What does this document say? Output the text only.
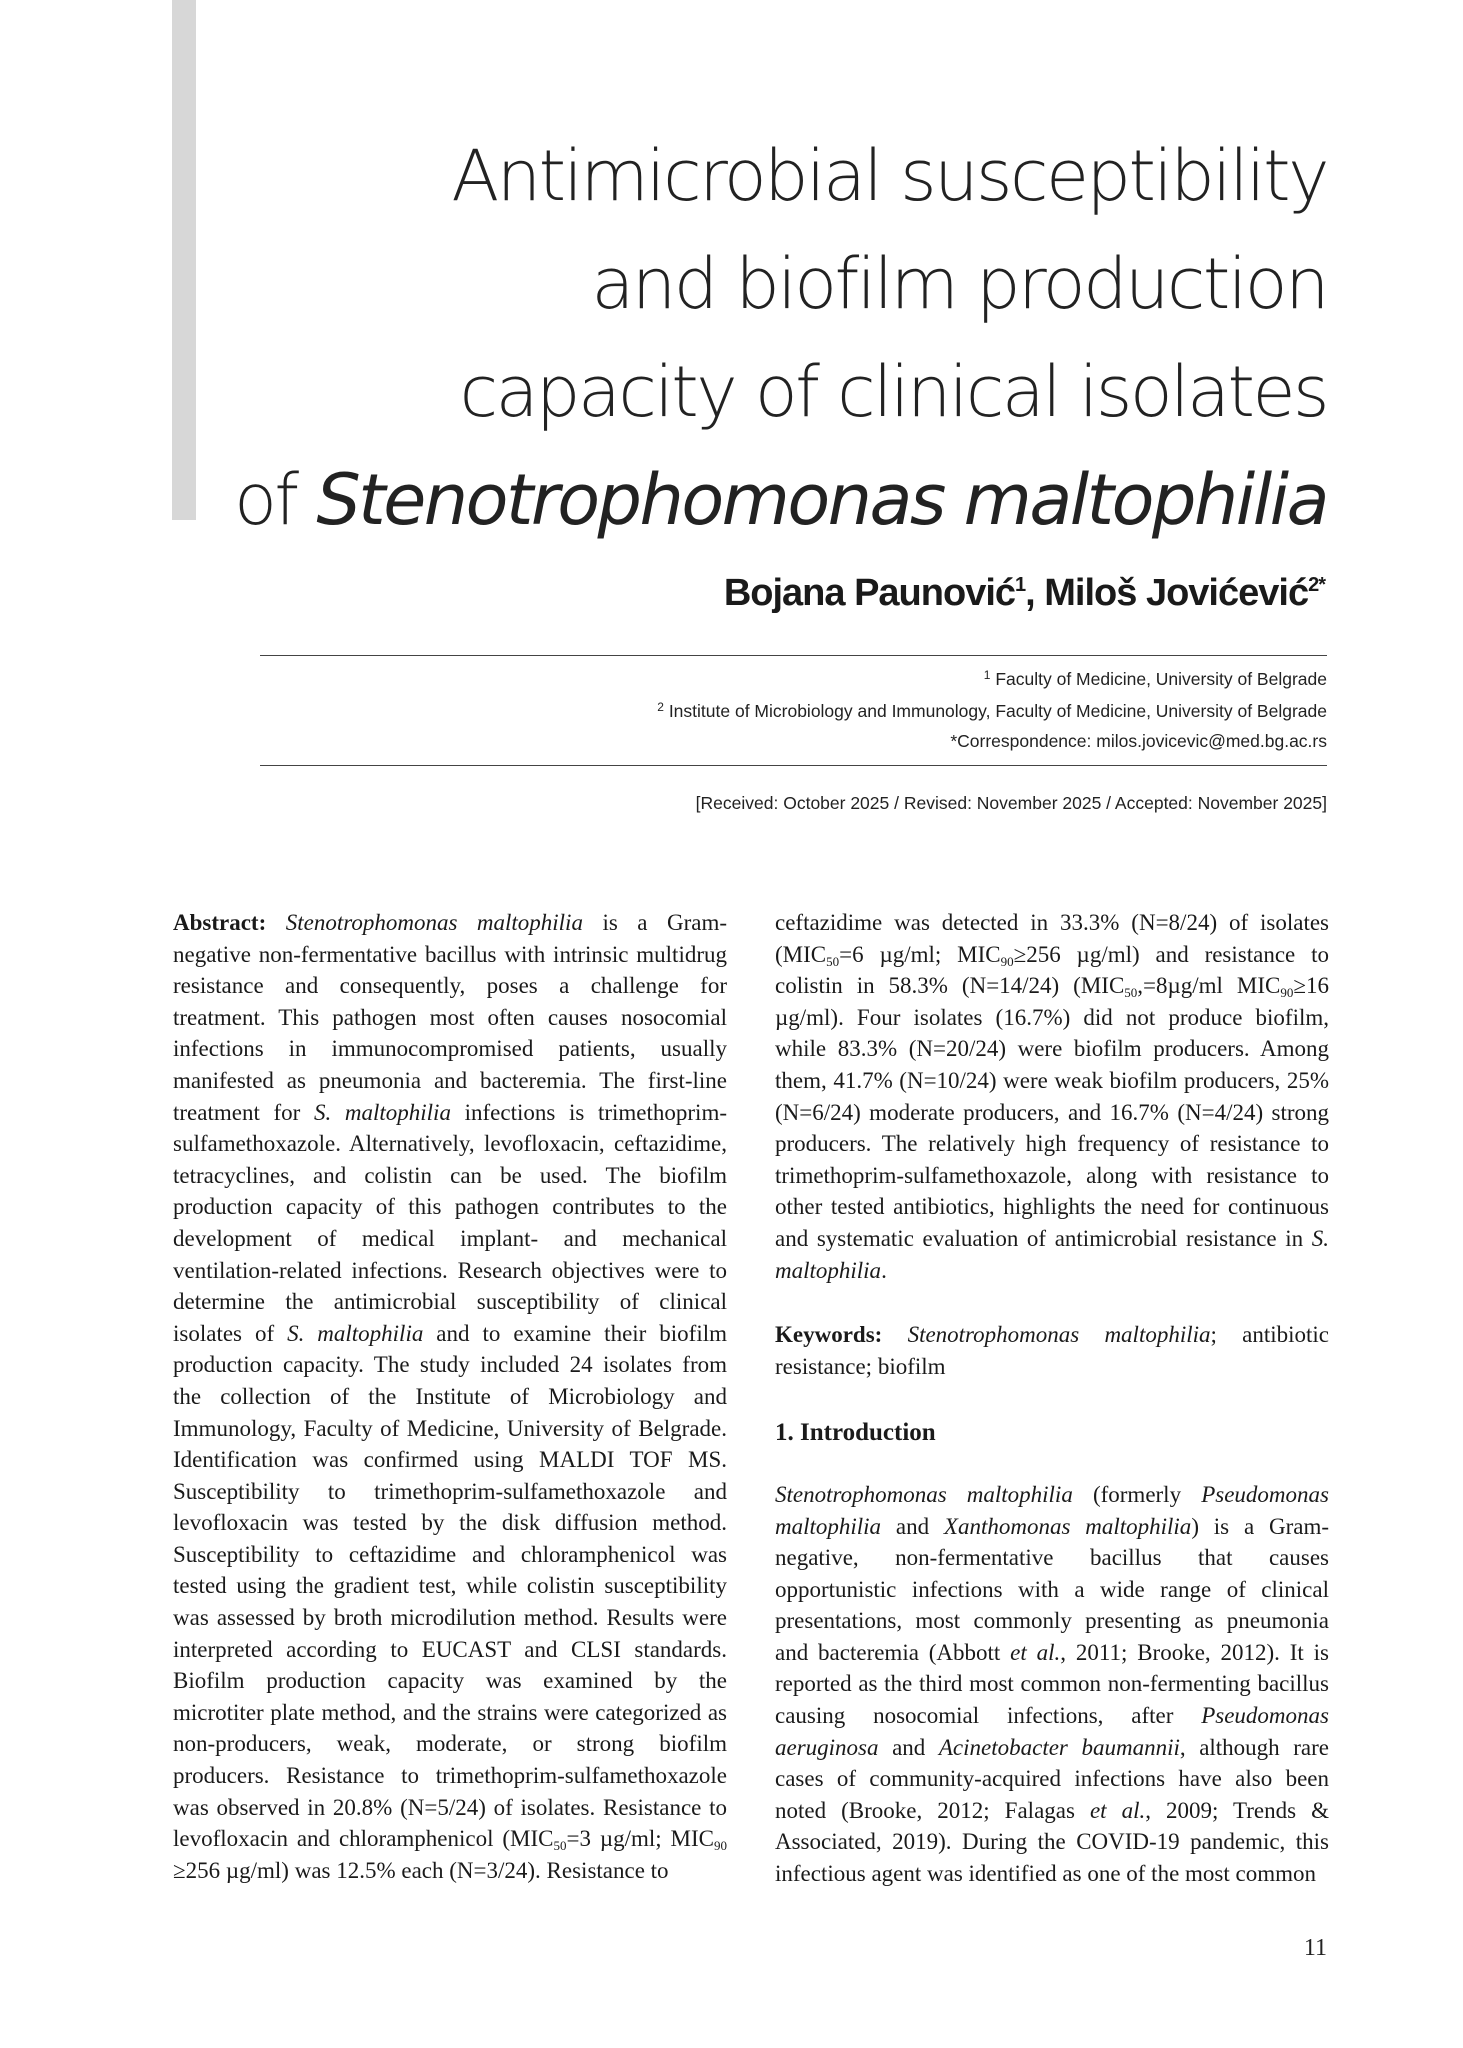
Antimicrobial susceptibility
and biofilm production
capacity of clinical isolates
of Stenotrophomonas maltophilia
Bojana Paunović$^1$, Miloš Jovićević$^{2*}$
$^1$ Faculty of Medicine, University of Belgrade
$^2$ Institute of Microbiology and Immunology, Faculty of Medicine, University of Belgrade
*Correspondence: milos.jovicevic@med.bg.ac.rs
[Received: October 2025 / Revised: November 2025 / Accepted: November 2025]

Abstract: Stenotrophomonas maltophilia is a Gram-negative non-fermentative bacillus with intrinsic multidrug resistance and consequently, poses a challenge for treatment. This pathogen most often causes nosocomial infections in immunocompromised patients, usually manifested as pneumonia and bacteremia. The first-line treatment for S. maltophilia infections is trimethoprim-sulfamethoxazole. Alternatively, levofloxacin, ceftazidime, tetracyclines, and colistin can be used. The biofilm production capacity of this pathogen contributes to the development of medical implant- and mechanical ventilation-related infections. Research objectives were to determine the antimicrobial susceptibility of clinical isolates of S. maltophilia and to examine their biofilm production capacity. The study included 24 isolates from the collection of the Institute of Microbiology and Immunology, Faculty of Medicine, University of Belgrade. Identification was confirmed using MALDI TOF MS. Susceptibility to trimethoprim-sulfamethoxazole and levofloxacin was tested by the disk diffusion method. Susceptibility to ceftazidime and chloramphenicol was tested using the gradient test, while colistin susceptibility was assessed by broth microdilution method. Results were interpreted according to EUCAST and CLSI standards. Biofilm production capacity was examined by the microtiter plate method, and the strains were categorized as non-producers, weak, moderate, or strong biofilm producers. Resistance to trimethoprim-sulfamethoxazole was observed in 20.8% (N=5/24) of isolates. Resistance to levofloxacin and chloramphenicol ($MIC_{50}=3$ µg/ml; $MIC_{90} \ge 256$ µg/ml) was 12.5% each (N=3/24). Resistance to

ceftazidime was detected in 33.3% (N=8/24) of isolates ($MIC_{50}=6$ µg/ml; $MIC_{90}\ge 256$ µg/ml) and resistance to colistin in 58.3% (N=14/24) ($MIC_{50},=8\mu g/ml$ $MIC_{90}\ge 16$ µg/ml). Four isolates (16.7%) did not produce biofilm, while 83.3% (N=20/24) were biofilm producers. Among them, 41.7% (N=10/24) were weak biofilm producers, 25% (N=6/24) moderate producers, and 16.7% (N=4/24) strong producers. The relatively high frequency of resistance to trimethoprim-sulfamethoxazole, along with resistance to other tested antibiotics, highlights the need for continuous and systematic evaluation of antimicrobial resistance in S. maltophilia.

Keywords: Stenotrophomonas maltophilia; antibiotic resistance; biofilm

1. Introduction

Stenotrophomonas maltophilia (formerly Pseudomonas maltophilia and Xanthomonas maltophilia) is a Gram-negative, non-fermentative bacillus that causes opportunistic infections with a wide range of clinical presentations, most commonly presenting as pneumonia and bacteremia (Abbott et al., 2011; Brooke, 2012). It is reported as the third most common non-fermenting bacillus causing nosocomial infections, after Pseudomonas aeruginosa and Acinetobacter baumannii, although rare cases of community-acquired infections have also been noted (Brooke, 2012; Falagas et al., 2009; Trends & Associated, 2019). During the COVID-19 pandemic, this infectious agent was identified as one of the most common

11
